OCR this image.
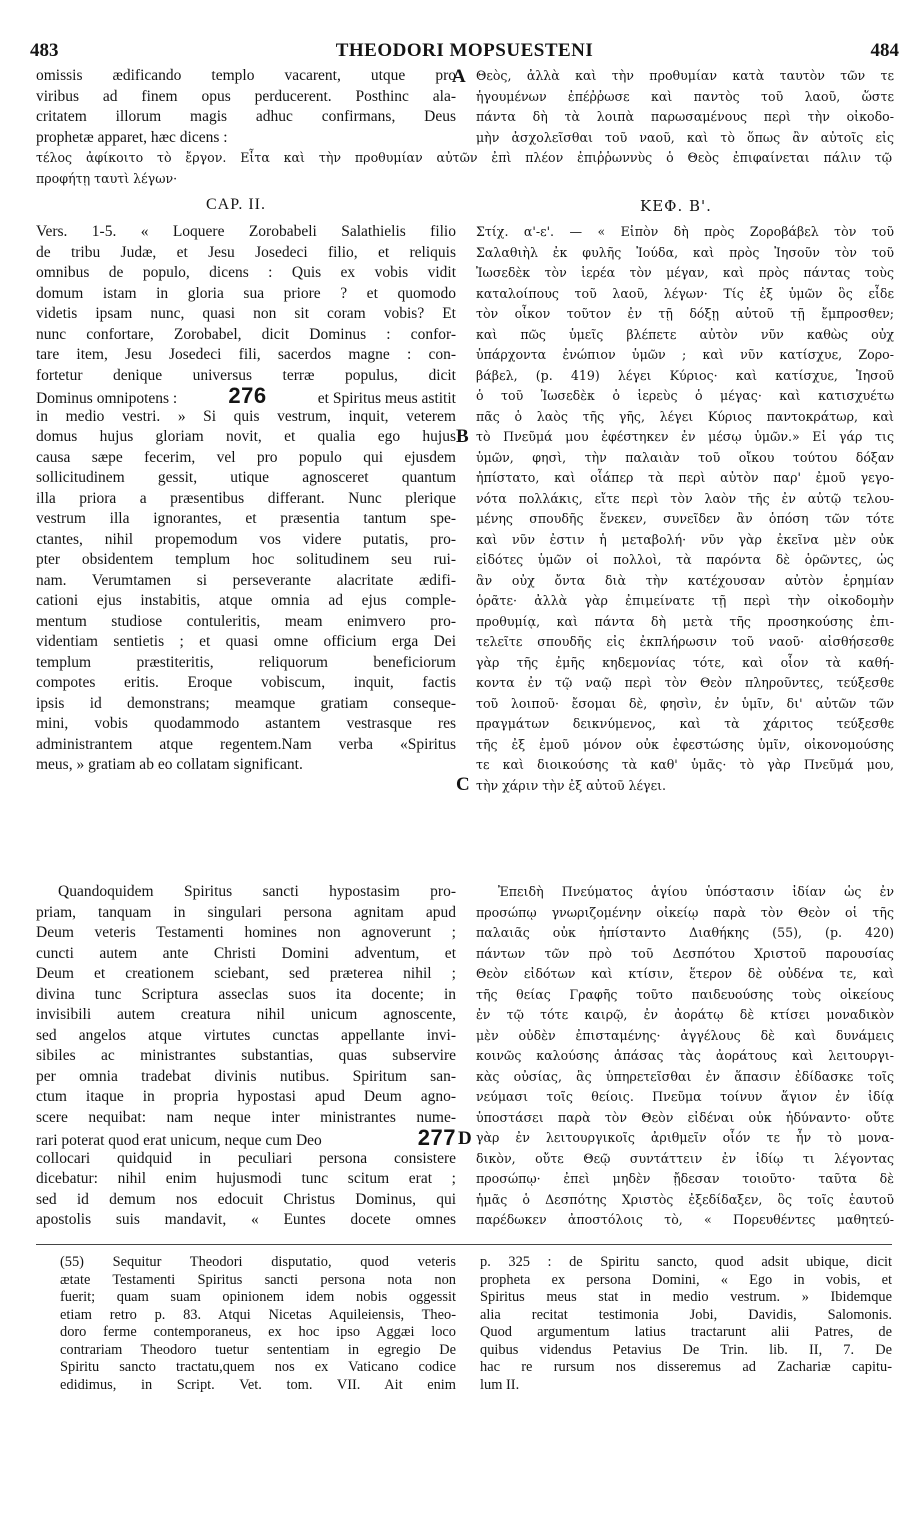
483	THEODORI MOPSUESTENI	484
omissis ædificando templo vacarent, utque pro
viribus ad finem opus perducerent. Posthinc ala-
critatem illorum magis adhuc confirmans, Deus
prophetæ apparet, hæc dicens :
A Θεὸς, ἀλλὰ καὶ τὴν προθυμίαν κατὰ ταυτὸν τῶν τε
ἡγουμένων ἐπέῤῥωσε καὶ παντὸς τοῦ λαοῦ, ὥστε
πάντα δὴ τὰ λοιπὰ παρωσαμένους περὶ τὴν οἰκοδο-
μὴν ἀσχολεῖσθαι τοῦ ναοῦ, καὶ τὸ ὅπως ἂν αὐτοῖς εἰς
τέλος ἀφίκοιτο τὸ ἔργον. Εἶτα καὶ τὴν προθυμίαν αὐτῶν ἐπὶ πλέον ἐπιῤῥωννὺς ὁ Θεὸς ἐπιφαίνεται πάλιν τῷ
προφήτῃ ταυτὶ λέγων·
CAP. II.	ΚΕΦ. Β'.
Vers. 1-5. « Loquere Zorobabeli Salathielis filio
de tribu Judæ, et Jesu Josedeci filio, et reliquis
omnibus de populo, dicens : Quis ex vobis vidit
domum istam in gloria sua priore ? et quomodo
videtis ipsam nunc, quasi non sit coram vobis? Et
nunc confortare, Zorobabel, dicit Dominus : confor-
tare item, Jesu Josedeci fili, sacerdos magne : con-
fortetur denique universus terræ populus, dicit
Dominus omnipotens : 276	et Spiritus meus astitit
in medio vestri. » Si quis vestrum, inquit, veterem
domus hujus gloriam novit, et qualia ego hujus
causa sæpe fecerim, vel pro populo qui ejusdem
sollicitudinem gessit, utique agnosceret quantum
illa priora a præsentibus differant. Nunc plerique
vestrum illa ignorantes, et præsentia tantum spe-
ctantes, nihil propemodum vos videre putatis, pro-
pter obsidentem templum hoc solitudinem seu rui-
nam. Verumtamen si perseverante alacritate ædifi-
cationi ejus instabitis, atque omnia ad ejus comple-
mentum studiose contuleritis, meam enimvero pro-
videntiam sentietis ; et quasi omne officium erga Dei
templum præstiteritis, reliquorum beneficiorum
compotes eritis. Eroque vobiscum, inquit, factis
ipsis id demonstrans; meamque gratiam conseque-
mini, vobis quodammodo astantem vestrasque res
administrantem atque regentem.Nam verba «Spiritus
meus, » gratiam ab eo collatam significant.
B
C
Στίχ. α'-ε'. — « Εἰπὸν δὴ πρὸς Ζοροβάβελ τὸν τοῦ
Σαλαθιὴλ ἐκ φυλῆς Ἰούδα, καὶ πρὸς Ἰησοῦν τὸν τοῦ
Ἰωσεδὲκ τὸν ἱερέα τὸν μέγαν, καὶ πρὸς πάντας τοὺς
καταλοίπους τοῦ λαοῦ, λέγων· Τίς ἐξ ὑμῶν ὃς εἶδε
τὸν οἶκον τοῦτον ἐν τῇ δόξῃ αὐτοῦ τῇ ἔμπροσθεν;
καὶ πῶς ὑμεῖς βλέπετε αὐτὸν νῦν καθὼς οὐχ
ὑπάρχοντα ἐνώπιον ὑμῶν ; καὶ νῦν κατίσχυε, Ζορο-
βάβελ, (p. 419) λέγει Κύριος· καὶ κατίσχυε, Ἰησοῦ
ὁ τοῦ Ἰωσεδὲκ ὁ ἱερεὺς ὁ μέγας· καὶ κατισχυέτω
πᾶς ὁ λαὸς τῆς γῆς, λέγει Κύριος παντοκράτωρ, καὶ
τὸ Πνεῦμά μου ἐφέστηκεν ἐν μέσῳ ὑμῶν.» Εἰ γάρ τις
ὑμῶν, φησὶ, τὴν παλαιὰν τοῦ οἴκου τούτου δόξαν
ἠπίστατο, καὶ οἷάπερ τὰ περὶ αὐτὸν παρ' ἐμοῦ γεγο-
νότα πολλάκις, εἴτε περὶ τὸν λαὸν τῆς ἐν αὐτῷ τελου-
μένης σπουδῆς ἕνεκεν, συνεῖδεν ἂν ὁπόση τῶν τότε
καὶ νῦν ἐστιν ἡ μεταβολή· νῦν γὰρ ἐκεῖνα μὲν οὐκ
εἰδότες ὑμῶν οἱ πολλοὶ, τὰ παρόντα δὲ ὁρῶντες, ὡς
ἂν οὐχ ὄντα διὰ τὴν κατέχουσαν αὐτὸν ἐρημίαν
ὁρᾶτε· ἀλλὰ γὰρ ἐπιμείνατε τῇ περὶ τὴν οἰκοδομὴν
προθυμίᾳ, καὶ πάντα δὴ μετὰ τῆς προσηκούσης ἐπι-
τελεῖτε σπουδῆς εἰς ἐκπλήρωσιν τοῦ ναοῦ· αἰσθήσεσθε
γὰρ τῆς ἐμῆς κηδεμονίας τότε, καὶ οἷον τὰ καθή-
κοντα ἐν τῷ ναῷ περὶ τὸν Θεὸν πληροῦντες, τεύξεσθε
τοῦ λοιποῦ· ἔσομαι δὲ, φησὶν, ἐν ὑμῖν, δι' αὐτῶν τῶν
πραγμάτων δεικνύμενος, καὶ τὰ χάριτος τεύξεσθε
τῆς ἐξ ἐμοῦ μόνον οὐκ ἐφεστώσης ὑμῖν, οἰκονομούσης
τε καὶ διοικούσης τὰ καθ' ὑμᾶς· τὸ γὰρ Πνεῦμά μου,
τὴν χάριν τὴν ἐξ αὐτοῦ λέγει.
Quandoquidem Spiritus sancti hypostasim pro-
priam, tanquam in singulari persona agnitam apud
Deum veteris Testamenti homines non agnoverunt ;
cuncti autem ante Christi Domini adventum, et
Deum et creationem sciebant, sed præterea nihil ;
divina tunc Scriptura asseclas suos ita docente; in
invisibili autem creatura nihil unicum agnoscente,
sed angelos atque virtutes cunctas appellante invi-
sibiles ac ministrantes substantias, quas subservire
per omnia tradebat divinis nutibus. Spiritum san-
ctum itaque in propria hypostasi apud Deum agno-
scere nequibat: nam neque inter ministrantes nume-
rari poterat quod erat unicum, neque cum Deo	277
collocari quidquid in peculiari persona consistere
dicebatur: nihil enim hujusmodi tunc scitum erat ;
sed id demum nos edocuit Christus Dominus, qui
apostolis suis mandavit, « Euntes docete omnes
D
Ἐπειδὴ Πνεύματος ἁγίου ὑπόστασιν ἰδίαν ὡς ἐν
προσώπῳ γνωριζομένην οἰκείῳ παρὰ τὸν Θεὸν οἱ τῆς
παλαιᾶς οὐκ ἠπίσταντο Διαθήκης (55), (p. 420)
πάντων τῶν πρὸ τοῦ Δεσπότου Χριστοῦ παρουσίας
Θεὸν εἰδότων καὶ κτίσιν, ἕτερον δὲ οὐδένα τε, καὶ
τῆς θείας Γραφῆς τοῦτο παιδευούσης τοὺς οἰκείους
ἐν τῷ τότε καιρῷ, ἐν ἀοράτῳ δὲ κτίσει μοναδικὸν
μὲν οὐδὲν ἐπισταμένης· ἀγγέλους δὲ καὶ δυνάμεις
κοινῶς καλούσης ἁπάσας τὰς ἀοράτους καὶ λειτουργι-
κὰς οὐσίας, ἃς ὑπηρετεῖσθαι ἐν ἅπασιν ἐδίδασκε τοῖς
νεύμασι τοῖς θείοις. Πνεῦμα τοίνυν ἅγιον ἐν ἰδίᾳ
ὑποστάσει παρὰ τὸν Θεὸν εἰδέναι οὐκ ἠδύναντο· οὔτε
γὰρ ἐν λειτουργικοῖς ἀριθμεῖν οἷόν τε ἦν τὸ μονα-
δικὸν, οὔτε Θεῷ συντάττειν ἐν ἰδίῳ τι λέγοντας
προσώπῳ· ἐπεὶ μηδὲν ᾔδεσαν τοιοῦτο· ταῦτα δὲ
ἡμᾶς ὁ Δεσπότης Χριστὸς ἐξεδίδαξεν, ὃς τοῖς ἑαυτοῦ
παρέδωκεν ἀποστόλοις τὸ, « Πορευθέντες μαθητεύ-
(55) Sequitur Theodori disputatio, quod veteris
ætate Testamenti Spiritus sancti persona nota non
fuerit; quam suam opinionem idem nobis oggessit
etiam retro p. 83. Atqui Nicetas Aquileiensis, Theo-
doro ferme contemporaneus, ex hoc ipso Aggæi loco
contrariam Theodoro tuetur sententiam in egregio De
Spiritu sancto tractatu,quem nos ex Vaticano codice
edidimus, in Script. Vet. tom. VII. Ait enim
p. 325 : de Spiritu sancto, quod adsit ubique, dicit
propheta ex persona Domini, « Ego in vobis, et
Spiritus meus stat in medio vestrum. » Ibidemque
alia recitat testimonia Jobi, Davidis, Salomonis.
Quod argumentum latius tractarunt alii Patres, de
quibus videndus Petavius De Trin. lib. II, 7. De
hac re rursum nos disseremus ad Zachariæ capitu-
lum II.
